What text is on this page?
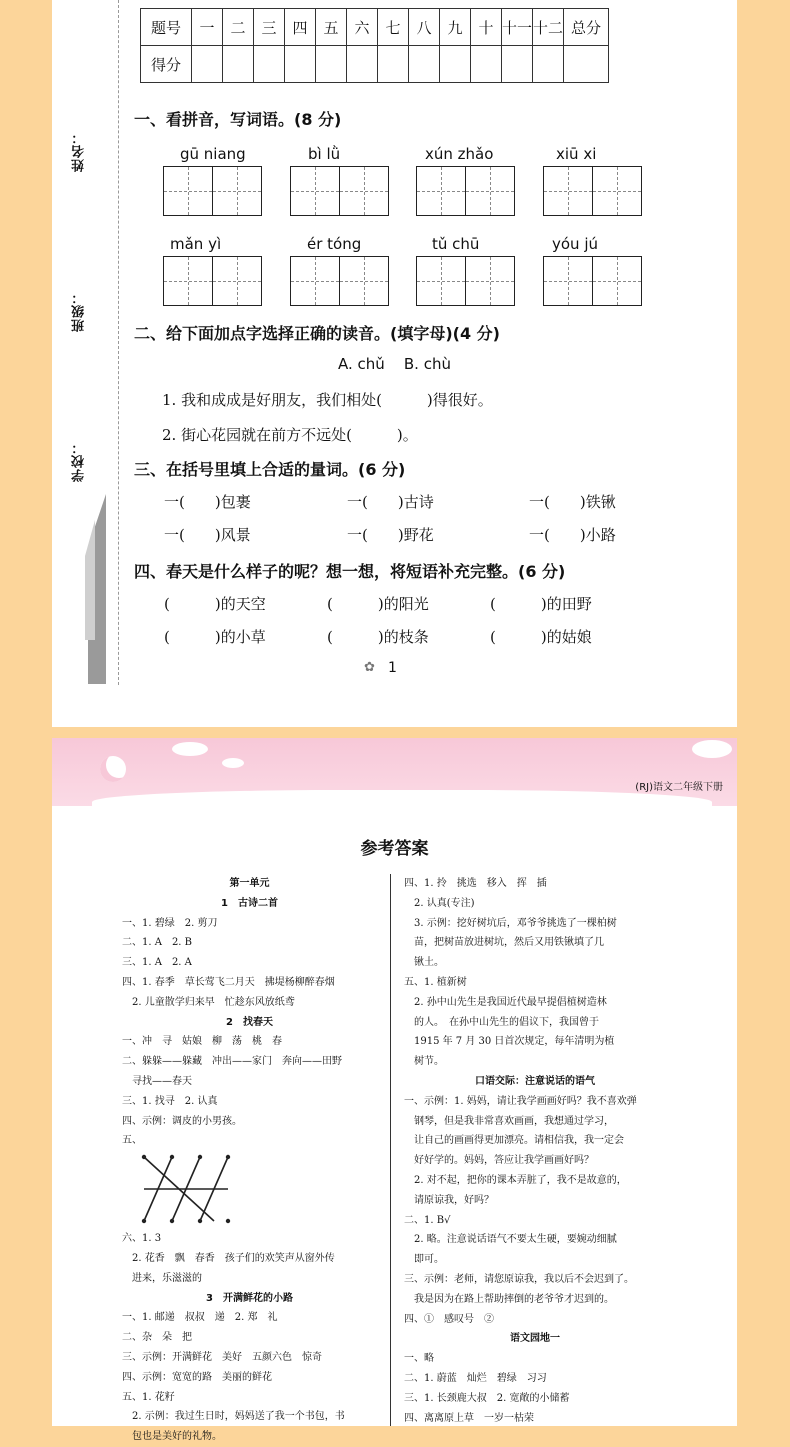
姓名：
班级：
学校：
题号	一	二	三	四	五	六	七	八	九	十	十一	十二	总分
得分													
一、看拼音，写词语。(8 分)
gū niang	bì lǜ	xún zhǎo	xiū xi
mǎn yì	ér tóng	tǔ chū	yóu jú
二、给下面加点字选择正确的读音。(填字母)(4 分)
A. chǔ    B. chù
1. 我和成成是好朋友，我们相处(　　　)得很好。
2. 街心花园就在前方不远处(　　　)。
三、在括号里填上合适的量词。(6 分)
一(　　)包裹	一(　　)古诗	一(　　)铁锹
一(　　)风景	一(　　)野花	一(　　)小路
四、春天是什么样子的呢？想一想，将短语补充完整。(6 分)
(　　　)的天空	(　　　)的阳光	(　　　)的田野
(　　　)的小草	(　　　)的枝条	(　　　)的姑娘
✿ 1
(RJ)语文二年级下册
参考答案
第一单元
1　古诗二首
一、1. 碧绿　2. 剪刀
二、1. A　2. B
三、1. A　2. A
四、1. 春季　草长莺飞二月天　拂堤杨柳醉春烟
　2. 儿童散学归来早　忙趁东风放纸鸢
2　找春天
一、冲　寻　姑娘　柳　荡　桃　春
二、躲躲——躲藏　冲出——家门　奔向——田野
　寻找——春天
三、1. 找寻　2. 认真
四、示例：调皮的小男孩。
五、
六、1. 3
　2. 花香　飘　春香　孩子们的欢笑声从窗外传
　进来，乐滋滋的
3　开满鲜花的小路
一、1. 邮递　叔叔　递　2. 郑　礼
二、杂　朵　把
三、示例：开满鲜花　美好　五颜六色　惊奇
四、示例：宽宽的路　美丽的鲜花
五、1. 花籽
　2. 示例：我过生日时，妈妈送了我一个书包，书
　包也是美好的礼物。
四、1. 拎　挑选　移入　挥　插
　2. 认真(专注)
　3. 示例：挖好树坑后，邓爷爷挑选了一棵柏树
　苗，把树苗放进树坑，然后又用铁锹填了几
　锹土。
五、1. 植新树
　2. 孙中山先生是我国近代最早提倡植树造林
　的人。　在孙中山先生的倡议下，我国曾于
　1915 年 7 月 30 日首次规定，每年清明为植
　树节。
口语交际：注意说话的语气
一、示例：1. 妈妈，请让我学画画好吗？我不喜欢弹
　钢琴，但是我非常喜欢画画，我想通过学习，
　让自己的画画得更加漂亮。请相信我，我一定会
　好好学的。妈妈，答应让我学画画好吗？
　2. 对不起，把你的课本弄脏了，我不是故意的，
　请原谅我，好吗？
二、1. B√
　2. 略。注意说话语气不要太生硬，要婉动细腻
　即可。
三、示例：老师，请您原谅我，我以后不会迟到了。
　我是因为在路上帮助摔倒的老爷爷才迟到的。
四、①　感叹号　②
语文园地一
一、略
二、1. 蔚蓝　灿烂　碧绿　习习
三、1. 长颈鹿大叔　2. 宽敞的小储蓄
四、离离原上草　一岁一枯荣
